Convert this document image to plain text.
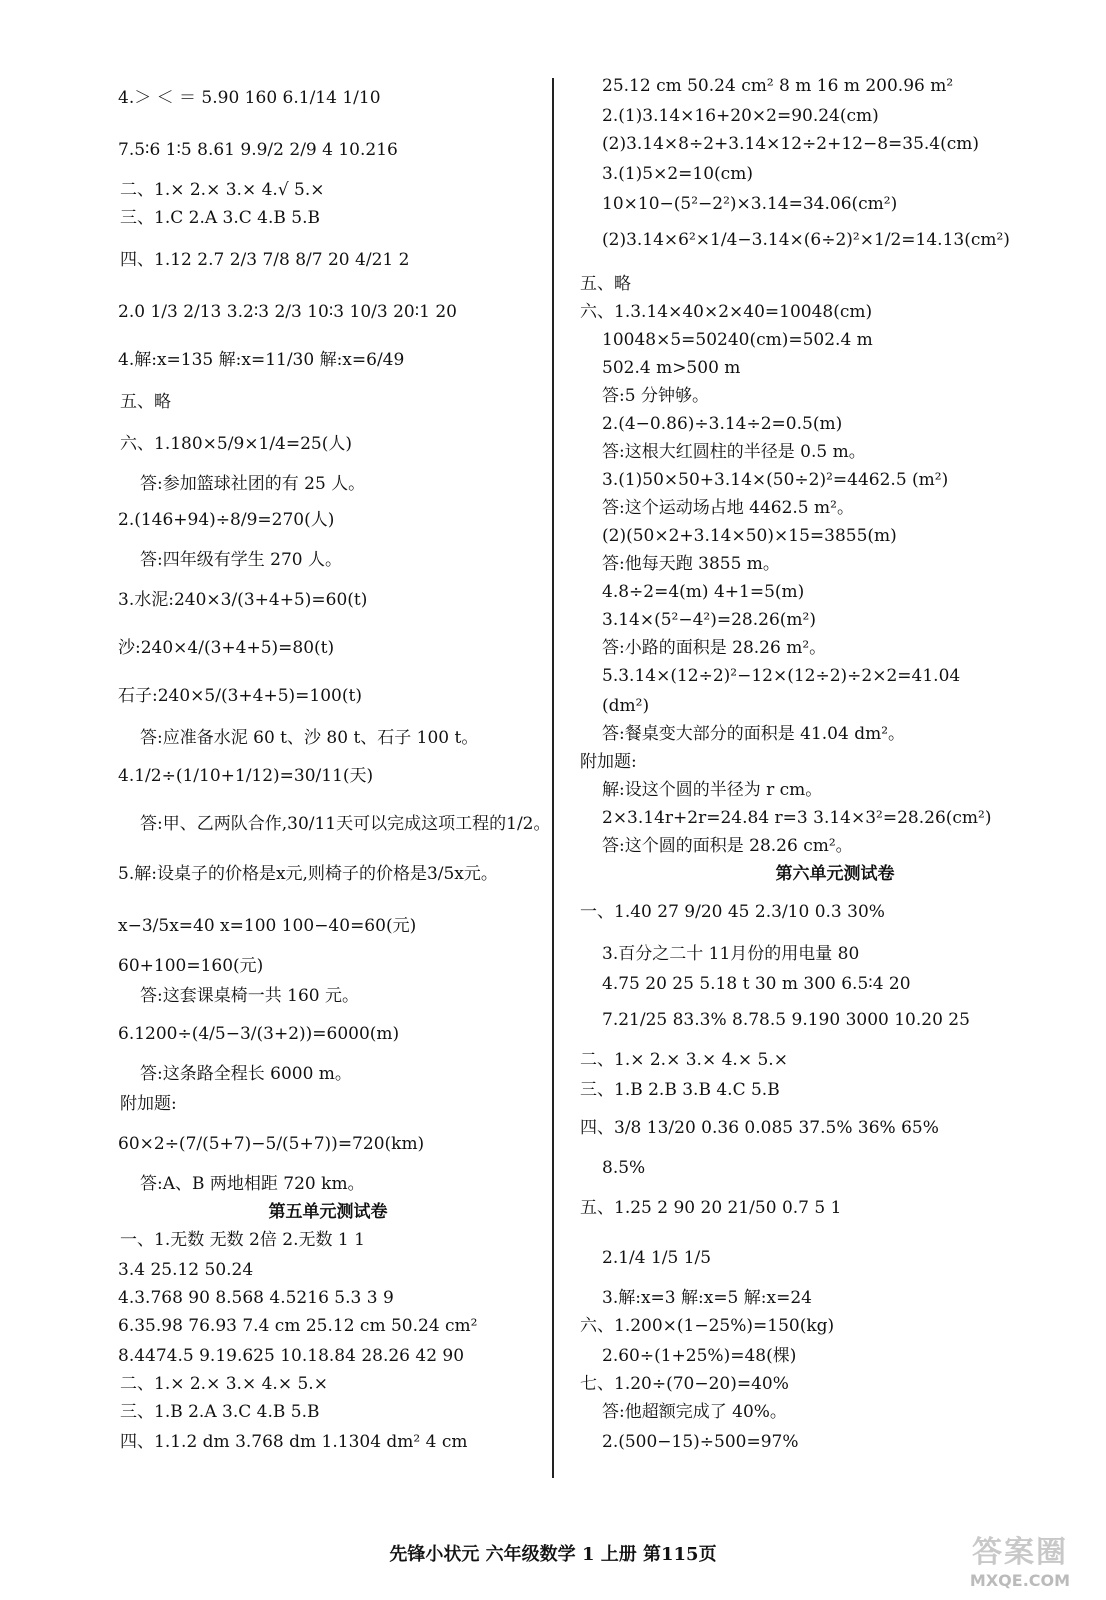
4.＞ ＜ ＝ 5.90 160 6.1/14 1/10
7.5∶6 1∶5 8.61 9.9/2 2/9 4 10.216
二、1.× 2.× 3.× 4.√ 5.×
三、1.C 2.A 3.C 4.B 5.B
四、1.12 2.7 2/3 7/8 8/7 20 4/21 2
2.0 1/3 2/13 3.2∶3 2/3 10∶3 10/3 20∶1 20
4.解:x=135 解:x=11/30 解:x=6/49
五、略
六、1.180×5/9×1/4=25(人)
答:参加篮球社团的有 25 人。
2.(146+94)÷8/9=270(人)
答:四年级有学生 270 人。
3.水泥:240×3/(3+4+5)=60(t)
沙:240×4/(3+4+5)=80(t)
石子:240×5/(3+4+5)=100(t)
答:应准备水泥 60 t、沙 80 t、石子 100 t。
4.1/2÷(1/10+1/12)=30/11(天)
答:甲、乙两队合作,30/11天可以完成这项工程的1/2。
5.解:设桌子的价格是x元,则椅子的价格是3/5x元。
x−3/5x=40 x=100 100−40=60(元)
60+100=160(元)
答:这套课桌椅一共 160 元。
6.1200÷(4/5−3/(3+2))=6000(m)
答:这条路全程长 6000 m。
附加题:
60×2÷(7/(5+7)−5/(5+7))=720(km)
答:A、B 两地相距 720 km。
第五单元测试卷
一、1.无数 无数 2倍 2.无数 1 1
3.4 25.12 50.24
4.3.768 90 8.568 4.5216 5.3 3 9
6.35.98 76.93 7.4 cm 25.12 cm 50.24 cm²
8.4474.5 9.19.625 10.18.84 28.26 42 90
二、1.× 2.× 3.× 4.× 5.×
三、1.B 2.A 3.C 4.B 5.B
四、1.1.2 dm 3.768 dm 1.1304 dm² 4 cm
25.12 cm 50.24 cm² 8 m 16 m 200.96 m²
2.(1)3.14×16+20×2=90.24(cm)
(2)3.14×8÷2+3.14×12÷2+12−8=35.4(cm)
3.(1)5×2=10(cm)
10×10−(5²−2²)×3.14=34.06(cm²)
(2)3.14×6²×1/4−3.14×(6÷2)²×1/2=14.13(cm²)
五、略
六、1.3.14×40×2×40=10048(cm)
10048×5=50240(cm)=502.4 m
502.4 m>500 m
答:5 分钟够。
2.(4−0.86)÷3.14÷2=0.5(m)
答:这根大红圆柱的半径是 0.5 m。
3.(1)50×50+3.14×(50÷2)²=4462.5 (m²)
答:这个运动场占地 4462.5 m²。
(2)(50×2+3.14×50)×15=3855(m)
答:他每天跑 3855 m。
4.8÷2=4(m) 4+1=5(m)
3.14×(5²−4²)=28.26(m²)
答:小路的面积是 28.26 m²。
5.3.14×(12÷2)²−12×(12÷2)÷2×2=41.04
(dm²)
答:餐桌变大部分的面积是 41.04 dm²。
附加题:
解:设这个圆的半径为 r cm。
2×3.14r+2r=24.84 r=3 3.14×3²=28.26(cm²)
答:这个圆的面积是 28.26 cm²。
第六单元测试卷
一、1.40 27 9/20 45 2.3/10 0.3 30%
3.百分之二十 11月份的用电量 80
4.75 20 25 5.18 t 30 m 300 6.5∶4 20
7.21/25 83.3% 8.78.5 9.190 3000 10.20 25
二、1.× 2.× 3.× 4.× 5.×
三、1.B 2.B 3.B 4.C 5.B
四、3/8 13/20 0.36 0.085 37.5% 36% 65%
8.5%
五、1.25 2 90 20 21/50 0.7 5 1
2.1/4 1/5 1/5
3.解:x=3 解:x=5 解:x=24
六、1.200×(1−25%)=150(kg)
2.60÷(1+25%)=48(棵)
七、1.20÷(70−20)=40%
答:他超额完成了 40%。
2.(500−15)÷500=97%
先锋小状元 六年级数学 1 上册 第115页	答案圈
MXQE.COM
